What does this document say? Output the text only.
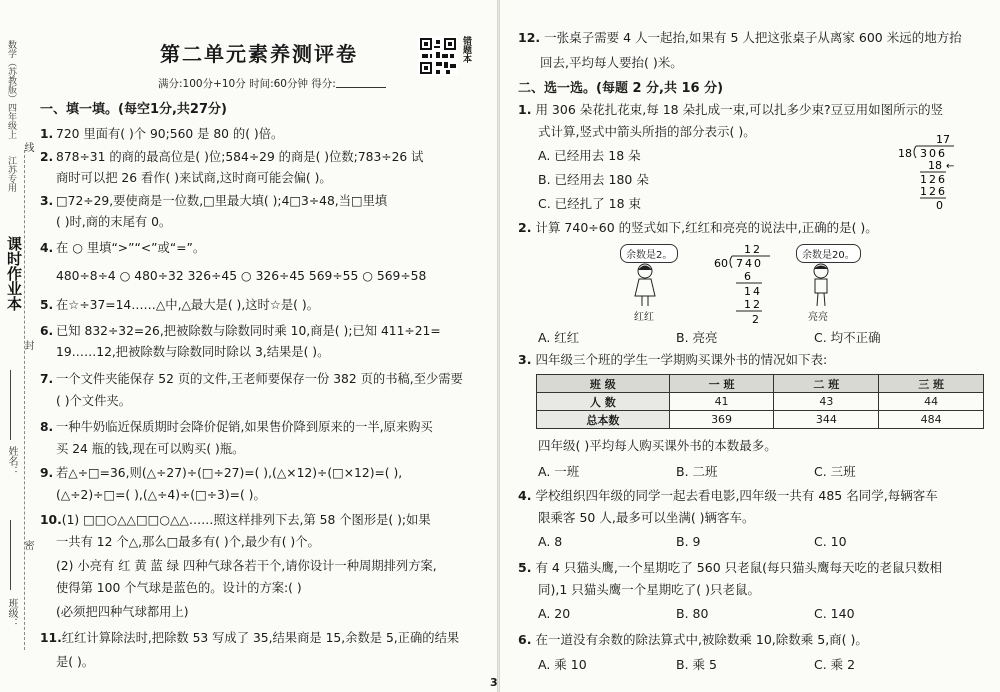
课时作业本
江苏专用
数学（苏教版）四年级上
线
封
密
姓名：
班级：
第二单元素养测评卷	错题本
满分:100分+10分 时间:60分钟 得分:
一、填一填。(每空1分,共27分)
1. 720 里面有( )个 90;560 是 80 的( )倍。
2. 878÷31 的商的最高位是( )位;584÷29 的商是( )位数;783÷26 试
商时可以把 26 看作( )来试商,这时商可能会偏( )。
3. □72÷29,要使商是一位数,□里最大填( );4□3÷48,当□里填
( )时,商的末尾有 0。
4. 在 ○ 里填“>”“<”或“=”。
480÷8÷4 ○ 480÷32 326÷45 ○ 326÷45 569÷55 ○ 569÷58
5. 在☆÷37=14……△中,△最大是( ),这时☆是( )。
6. 已知 832÷32=26,把被除数与除数同时乘 10,商是( );已知 411÷21=
19……12,把被除数与除数同时除以 3,结果是( )。
7. 一个文件夹能保存 52 页的文件,王老师要保存一份 382 页的书稿,至少需要
( )个文件夹。
8. 一种牛奶临近保质期时会降价促销,如果售价降到原来的一半,原来购买
买 24 瓶的钱,现在可以购买( )瓶。
9. 若△÷□=36,则(△÷27)÷(□÷27)=( ),(△×12)÷(□×12)=( ),
(△÷2)÷□=( ),(△÷4)÷(□÷3)=( )。
10.(1) □□○△△□□○△△……照这样排列下去,第 58 个图形是( );如果
一共有 12 个△,那么□最多有( )个,最少有( )个。
(2) 小亮有 红 黄 蓝 绿 四种气球各若干个,请你设计一种周期排列方案,
使得第 100 个气球是蓝色的。设计的方案:( )
(必须把四种气球都用上)
11.红红计算除法时,把除数 53 写成了 35,结果商是 15,余数是 5,正确的结果
是( )。
12. 一张桌子需要 4 人一起抬,如果有 5 人把这张桌子从离家 600 米远的地方抬
回去,平均每人要抬( )米。
二、选一选。(每题 2 分,共 16 分)
1. 用 306 朵花扎花束,每 18 朵扎成一束,可以扎多少束?豆豆用如图所示的竖
式计算,竖式中箭头所指的部分表示( )。
A. 已经用去 18 朵
B. 已经用去 180 朵
C. 已经扎了 18 束
17
18 306
18 ←
126
126
0
2. 计算 740÷60 的竖式如下,红红和亮亮的说法中,正确的是( )。
余数是2。
红红
12
60 740
6
14
12
2
余数是20。
亮亮
A. 红红	B. 亮亮	C. 均不正确
3. 四年级三个班的学生一学期购买课外书的情况如下表:
班 级	一 班	二 班	三 班
人 数	41	43	44
总本数	369	344	484
四年级( )平均每人购买课外书的本数最多。
A. 一班	B. 二班	C. 三班
4. 学校组织四年级的同学一起去看电影,四年级一共有 485 名同学,每辆客车
限乘客 50 人,最多可以坐满( )辆客车。
A. 8	B. 9	C. 10
5. 有 4 只猫头鹰,一个星期吃了 560 只老鼠(每只猫头鹰每天吃的老鼠只数相
同),1 只猫头鹰一个星期吃了( )只老鼠。
A. 20	B. 80	C. 140
6. 在一道没有余数的除法算式中,被除数乘 10,除数乘 5,商( )。
A. 乘 10	B. 乘 5	C. 乘 2
3
